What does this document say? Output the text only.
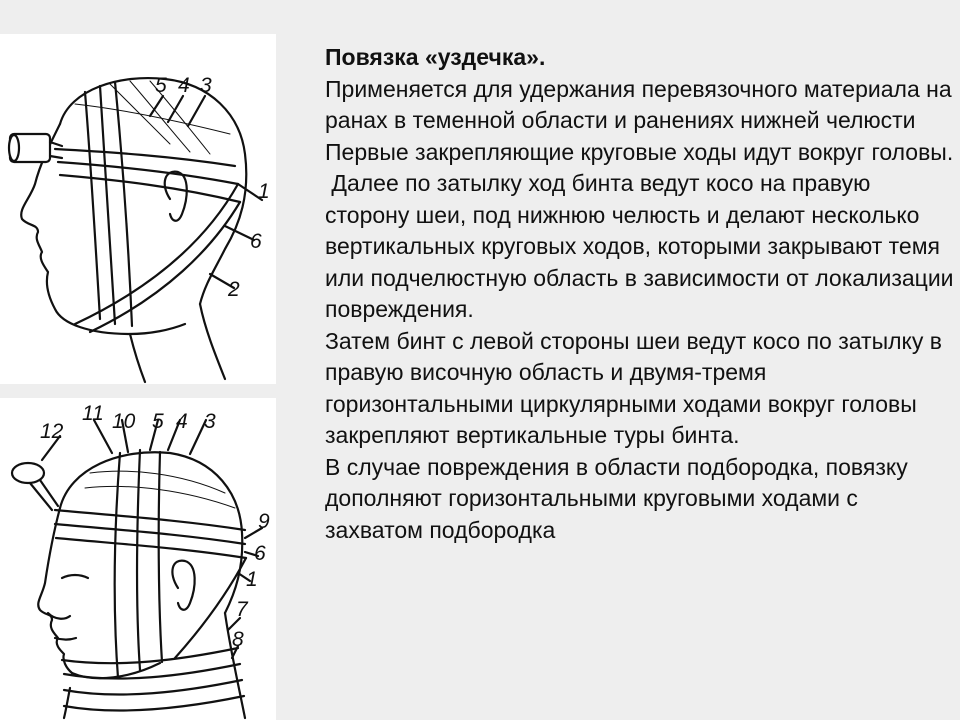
5 4 3
1
6
2
12
11 10 5 4 3
9
6
1
7
8
Повязка «уздечка».
Применяется для удержания перевязочного материала на ранах в теменной области и ранениях нижней челюсти
Первые закрепляющие круговые ходы идут вокруг головы.
Далее по затылку ход бинта ведут косо на правую сторону шеи, под нижнюю челюсть и делают несколько вертикальных круговых ходов, которыми закрывают темя или подчелюстную область в зависимости от локализации повреждения.
Затем бинт с левой стороны шеи ведут косо по затылку в правую височную область и двумя-тремя горизонтальными циркулярными ходами вокруг головы закрепляют вертикальные туры бинта.
В случае повреждения в области подбородка, повязку дополняют горизонтальными круговыми ходами с захватом подбородка
